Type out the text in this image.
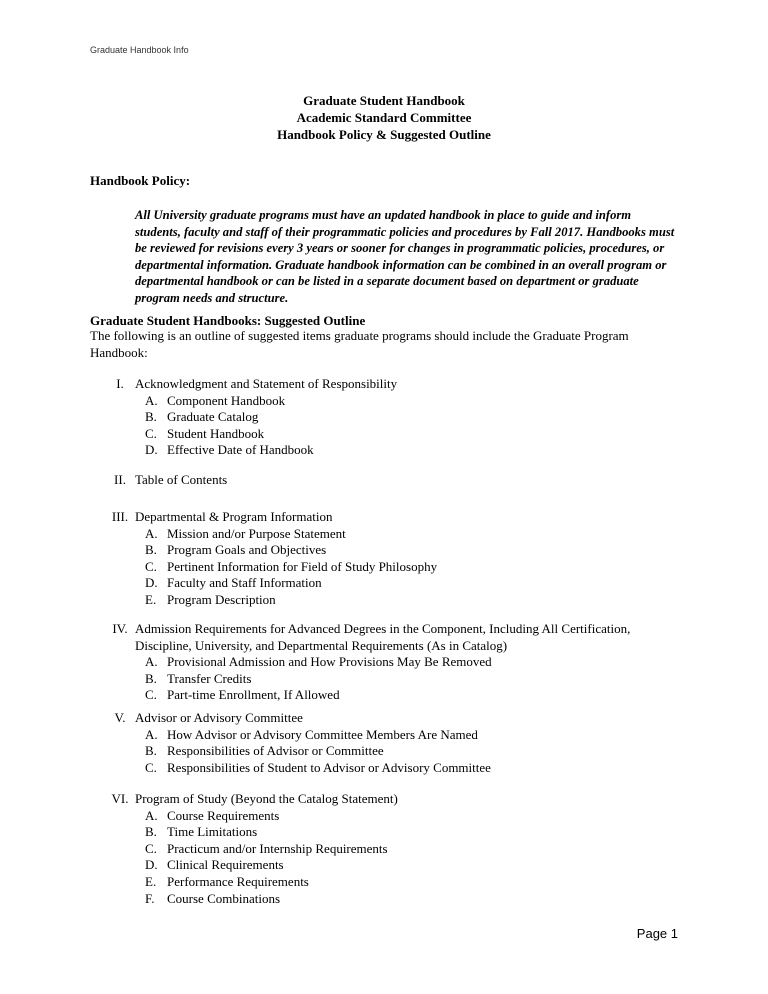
Graduate Handbook Info
Graduate Student Handbook
Academic Standard Committee
Handbook Policy & Suggested Outline
Handbook Policy:
All University graduate programs must have an updated handbook in place to guide and inform students, faculty and staff of their programmatic policies and procedures by Fall 2017. Handbooks must be reviewed for revisions every 3 years or sooner for changes in programmatic policies, procedures, or departmental information. Graduate handbook information can be combined in an overall program or departmental handbook or can be listed in a separate document based on department or graduate program needs and structure.
Graduate Student Handbooks: Suggested Outline
The following is an outline of suggested items graduate programs should include the Graduate Program Handbook:
I. Acknowledgment and Statement of Responsibility
A. Component Handbook
B. Graduate Catalog
C. Student Handbook
D. Effective Date of Handbook
II. Table of Contents
III. Departmental & Program Information
A. Mission and/or Purpose Statement
B. Program Goals and Objectives
C. Pertinent Information for Field of Study Philosophy
D. Faculty and Staff Information
E. Program Description
IV. Admission Requirements for Advanced Degrees in the Component, Including All Certification, Discipline, University, and Departmental Requirements (As in Catalog)
A. Provisional Admission and How Provisions May Be Removed
B. Transfer Credits
C. Part-time Enrollment, If Allowed
V. Advisor or Advisory Committee
A. How Advisor or Advisory Committee Members Are Named
B. Responsibilities of Advisor or Committee
C. Responsibilities of Student to Advisor or Advisory Committee
VI. Program of Study (Beyond the Catalog Statement)
A. Course Requirements
B. Time Limitations
C. Practicum and/or Internship Requirements
D. Clinical Requirements
E. Performance Requirements
F. Course Combinations
Page 1
